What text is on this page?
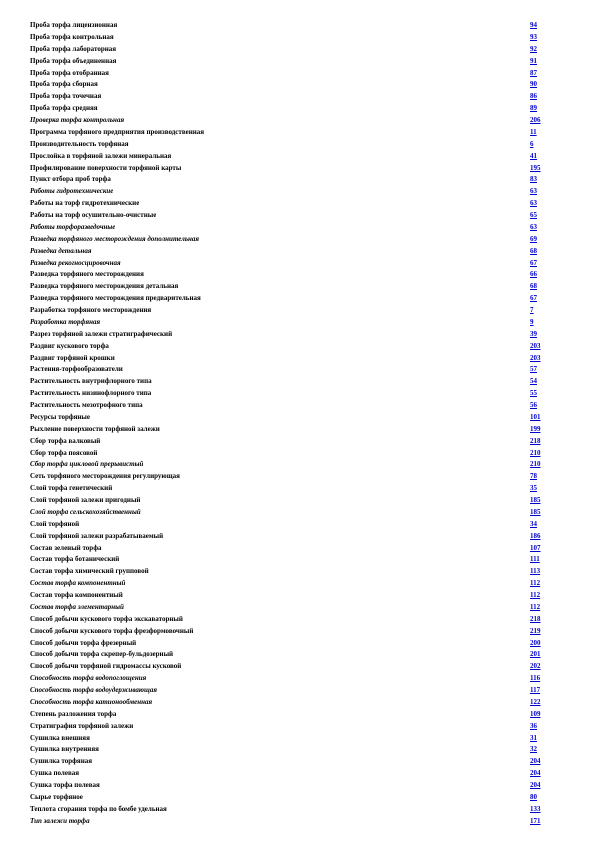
Проба торфа лицензионная	94
Проба торфа контрольная	93
Проба торфа лабораторная	92
Проба торфа объединенная	91
Проба торфа отобранная	87
Проба торфа сборная	90
Проба торфа точечная	86
Проба торфа средняя	89
Проверка торфа контрольная	206
Программа торфяного предприятия производственная	11
Производительность торфяная	6
Прослойка в торфяной залежи минеральная	41
Профилирование поверхности торфяной карты	195
Пункт отбора проб торфа	83
Работы гидротехнические	63
Работы на торф гидротехнические	63
Работы на торф осушительно-очистные	65
Работы торфоразведочные	63
Разведка торфяного месторождения дополнительная	69
Разведка детальная	68
Разведка рекогносцировочная	67
Разведка торфяного месторождения	66
Разведка торфяного месторождения детальная	68
Разведка торфяного месторождения предварительная	67
Разработка торфяного месторождения	7
Разработка торфяная	9
Разрез торфяной залежи стратиграфический	39
Раздвиг кускового торфа	203
Раздвиг торфяной крошки	203
Растения-торфообразователи	57
Растительность внутрифлорного типа	54
Растительность низинофлорного типа	55
Растительность мезотрофного типа	56
Ресурсы торфяные	101
Рыхление поверхности торфяной залежи	199
Сбор торфа валковый	218
Сбор торфа поясовой	210
Сбор торфа цикловой прерывистый	210
Сеть торфяного месторождения регулирующая	78
Слой торфа генетический	35
Слой торфяной залежи пригодный	185
Слой торфа сельскохозяйственный	185
Слой торфяной	34
Слой торфяной залежи разрабатываемый	186
Состав зеленый торфа	107
Состав торфа ботанический	111
Состав торфа химический групповой	113
Состав торфа компонентный	112
Состав торфа компонентный	112
Состав торфа элементарный	112
Способ добычи кускового торфа экскаваторный	218
Способ добычи кускового торфа фрезформовочный	219
Способ добычи торфа фрезерный	200
Способ добычи торфа скрепер-бульдозерный	201
Способ добычи торфяной гидромассы кусковой	202
Способность торфа водопоглощения	116
Способность торфа водоудерживающая	117
Способность торфа катионообменная	122
Степень разложения торфа	109
Стратиграфия торфяной залежи	36
Сушилка внешняя	31
Сушилка внутренняя	32
Сушилка торфяная	204
Сушка полевая	204
Сушка торфа полевая	204
Сырье торфяное	80
Теплота сгорания торфа по бомбе удельная	133
Тип залежи торфа	171
